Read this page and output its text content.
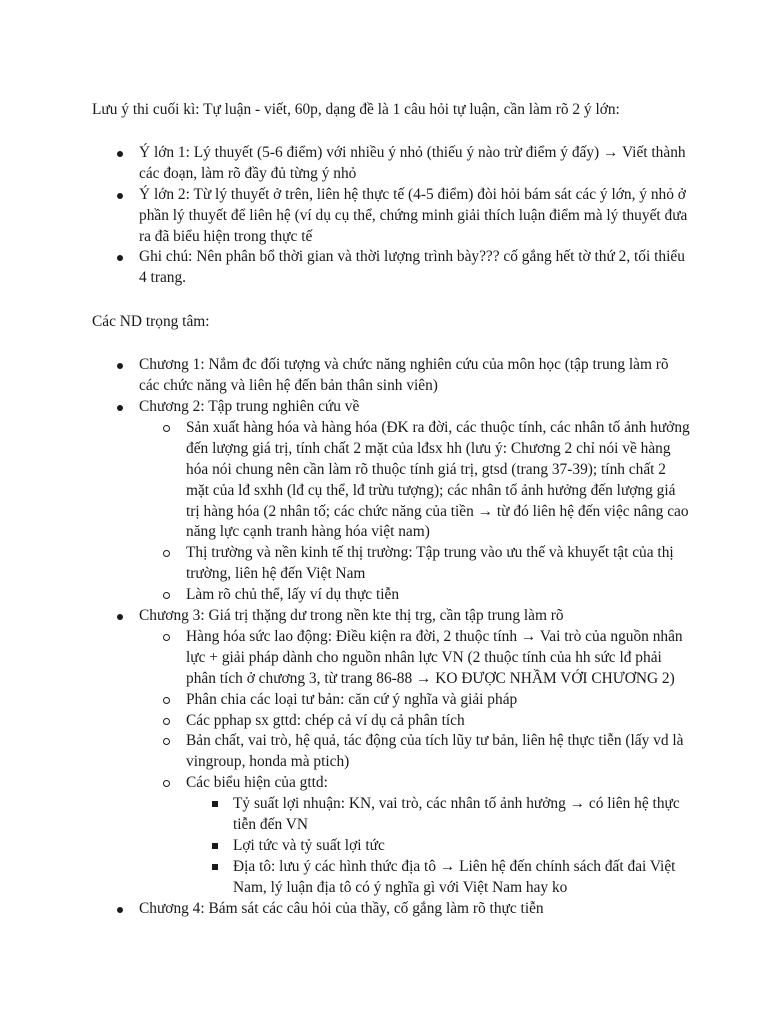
Lưu ý thi cuối kì: Tự luận - viết, 60p, dạng đề là 1 câu hỏi tự luận, cần làm rõ 2 ý lớn:

Ý lớn 1: Lý thuyết (5-6 điểm) với nhiều ý nhỏ (thiếu ý nào trừ điểm ý đấy) → Viết thành các đoạn, làm rõ đầy đủ từng ý nhỏ
Ý lớn 2: Từ lý thuyết ở trên, liên hệ thực tế (4-5 điểm) đòi hỏi bám sát các ý lớn, ý nhỏ ở phần lý thuyết để liên hệ (ví dụ cụ thể, chứng minh giải thích luận điểm mà lý thuyết đưa ra đã biểu hiện trong thực tế
Ghi chú: Nên phân bổ thời gian và thời lượng trình bày??? cố gắng hết tờ thứ 2, tối thiểu 4 trang.

Các ND trọng tâm:

Chương 1: Nắm đc đối tượng và chức năng nghiên cứu của môn học (tập trung làm rõ các chức năng và liên hệ đến bản thân sinh viên)
Chương 2: Tập trung nghiên cứu về
Sản xuất hàng hóa và hàng hóa (ĐK ra đời, các thuộc tính, các nhân tố ảnh hưởng đến lượng giá trị, tính chất 2 mặt của lđsx hh (lưu ý: Chương 2 chỉ nói về hàng hóa nói chung nên cần làm rõ thuộc tính giá trị, gtsd (trang 37-39); tính chất 2 mặt của lđ sxhh (lđ cụ thể, lđ trừu tượng); các nhân tố ảnh hưởng đến lượng giá trị hàng hóa (2 nhân tố; các chức năng của tiền → từ đó liên hệ đến việc nâng cao năng lực cạnh tranh hàng hóa việt nam)
Thị trường và nền kinh tế thị trường: Tập trung vào ưu thế và khuyết tật của thị trường, liên hệ đến Việt Nam
Làm rõ chủ thể, lấy ví dụ thực tiễn
Chương 3: Giá trị thặng dư trong nền kte thị trg, cần tập trung làm rõ
Hàng hóa sức lao động: Điều kiện ra đời, 2 thuộc tính → Vai trò của nguồn nhân lực + giải pháp dành cho nguồn nhân lực VN (2 thuộc tính của hh sức lđ phải phân tích ở chương 3, từ trang 86-88 → KO ĐƯỢC NHẦM VỚI CHƯƠNG 2)
Phân chia các loại tư bản: căn cứ ý nghĩa và giải pháp
Các pphap sx gttd: chép cả ví dụ cả phân tích
Bản chất, vai trò, hệ quả, tác động của tích lũy tư bản, liên hệ thực tiễn (lấy vd là vingroup, honda mà ptich)
Các biểu hiện của gttd:
Tỷ suất lợi nhuận: KN, vai trò, các nhân tố ảnh hưởng → có liên hệ thực tiễn đến VN
Lợi tức và tỷ suất lợi tức
Địa tô: lưu ý các hình thức địa tô → Liên hệ đến chính sách đất đai Việt Nam, lý luận địa tô có ý nghĩa gì với Việt Nam hay ko
Chương 4: Bám sát các câu hỏi của thầy, cố gắng làm rõ thực tiễn
